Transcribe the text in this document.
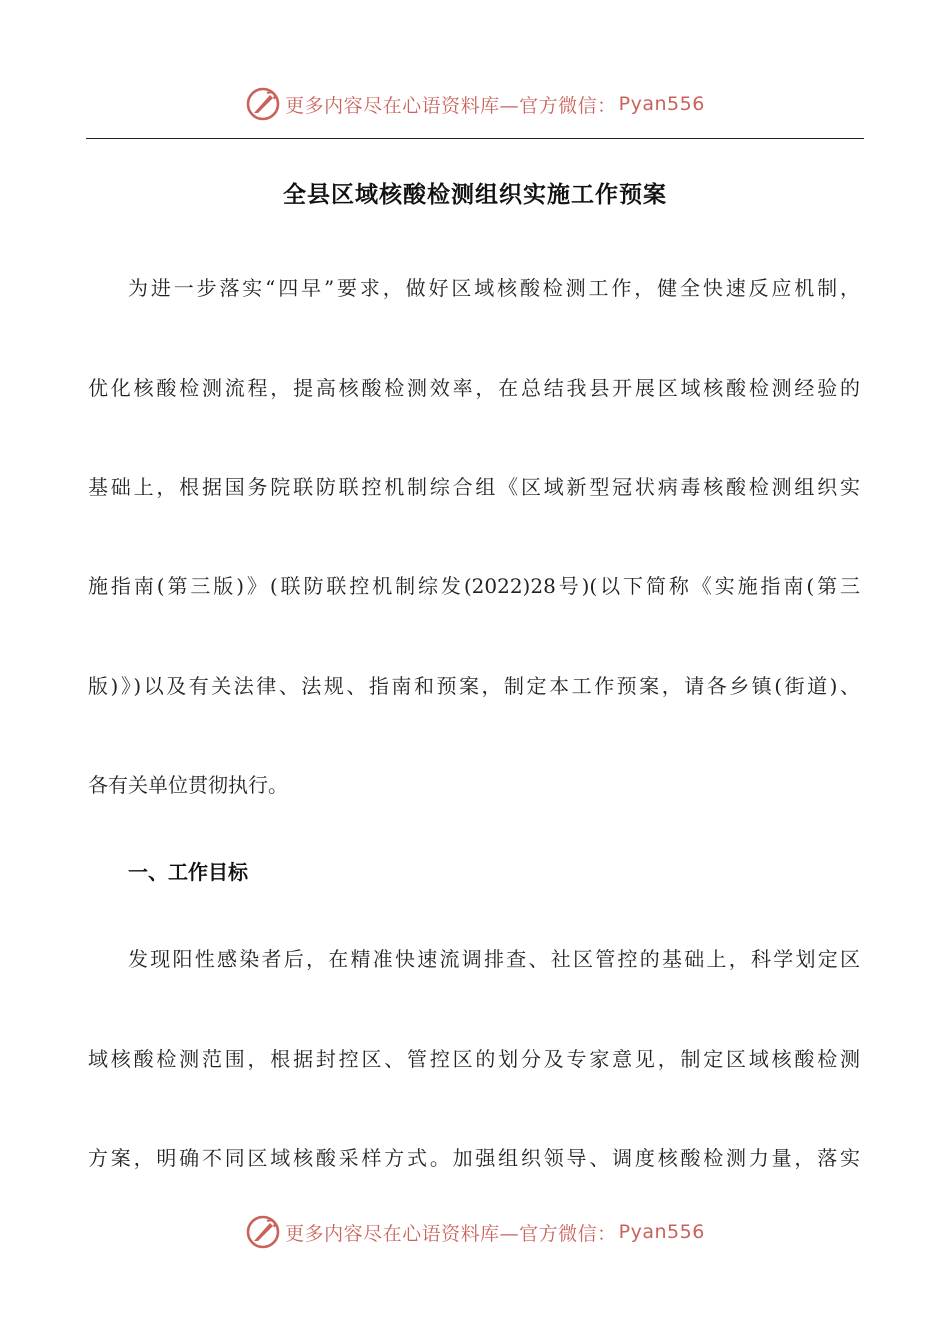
更多内容尽在心语资料库—官方微信： Pyan556
全县区域核酸检测组织实施工作预案
为进一步落实“四早”要求，做好区域核酸检测工作，健全快速反应机制，
优化核酸检测流程，提高核酸检测效率，在总结我县开展区域核酸检测经验的
基础上，根据国务院联防联控机制综合组《区域新型冠状病毒核酸检测组织实
施指南(第三版)》(联防联控机制综发(2022)28号)(以下简称《实施指南(第三
版)》)以及有关法律、法规、指南和预案，制定本工作预案，请各乡镇(街道)、
各有关单位贯彻执行。
一、工作目标
发现阳性感染者后，在精准快速流调排查、社区管控的基础上，科学划定区
域核酸检测范围，根据封控区、管控区的划分及专家意见，制定区域核酸检测
方案，明确不同区域核酸采样方式。加强组织领导、调度核酸检测力量，落实
更多内容尽在心语资料库—官方微信： Pyan556
